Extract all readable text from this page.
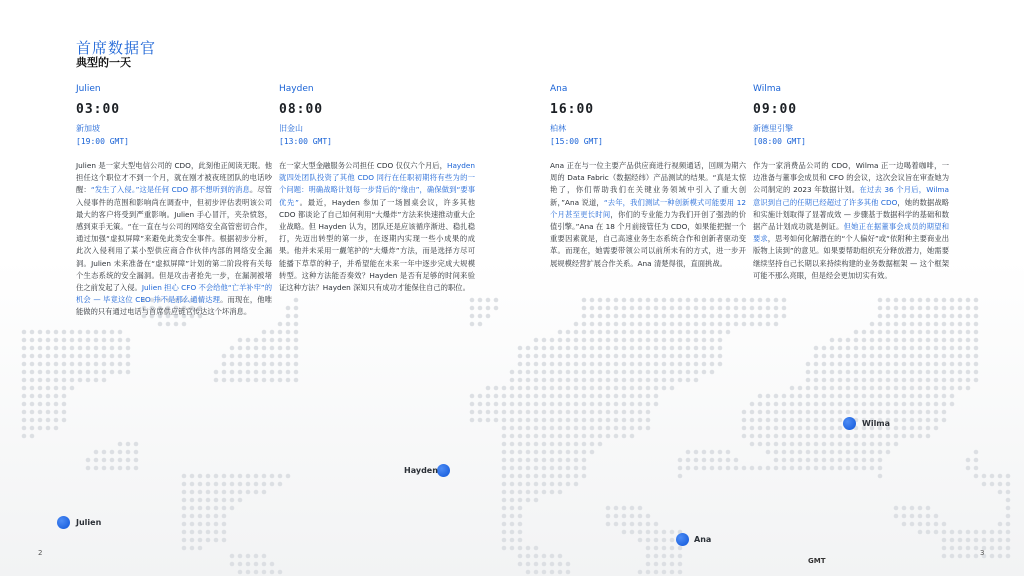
首席数据官
典型的一天
Julien
03:00
新加坡
[19:00 GMT]
Julien 是一家大型电信公司的 CDO，此刻他正阅读无眠。他担任这个职位才不到一个月，就在刚才被夜班团队的电话吵醒：“发生了入侵。”这是任何 CDO 都不想听到的消息。尽管入侵事件的范围和影响尚在调查中，但初步评估表明该公司最大的客户将受到严重影响。Julien 手心冒汗，夹杂愤怒，感到束手无策。“在一直在与公司的网络安全高管密切合作，通过加强“虚拟屏障”来避免此类安全事件。根据初步分析，此次入侵利用了某小型供应商合作伙伴内部的网络安全漏洞。Julien 未来准备在“虚拟屏障”计划的第二阶段将有关每个生态系统的安全漏洞。但是攻击者抢先一步，在漏洞被堵住之前发起了入侵。Julien 担心 CFO 不会给他“亡羊补牢”的机会 — 毕竟这位 CEO 并不是那么通情达理。而现在，他唯能做的只有通过电话与首席供应链官传达这个坏消息。
Hayden
08:00
旧金山
[13:00 GMT]
在一家大型金融服务公司担任 CDO 仅仅六个月后，Hayden 就四处团队投资了其他 CDO 同行在任职初期将有些为的一个问题：明确战略计划每一步背后的“缘由”，确保做到“要事优先”。最近，Hayden 参加了一场圆桌会议，许多其他 CDO 都谈论了自己如何利用“大爆炸”方法来快速推动重大企业战略。但 Hayden 认为，团队还是应该循序渐进、稳扎稳打，先迈出转型的第一步，在逐期内实现一些小成果的成果。他并未采用一觑笔护的“大爆炸”方法，而是选择方尽可能播下草草的种子，并希望能在未来一年中逐步完成大规模转型。这种方法能否奏效？Hayden 是否有足够的时间来验证这种方法？Hayden 深知只有成功才能保住自己的职位。
Ana
16:00
柏林
[15:00 GMT]
Ana 正在与一位主要产品供应商进行视频通话，回顾为期六周的 Data Fabric（数据经纬）产品测试的结果。“真是太惊艳了，你们帮助我们在关键业务领域中引入了重大创新，”Ana 说道，“去年，我们测试一种创新模式可能要用 12 个月甚至更长时间，你们的专业能力为我们开创了强劲的价值引擎。”Ana 在 18 个月前接管任为 CDO，如果能把握一个重要因素就是，自己高速业务生态系统合作和创新者驱动变革。而现在，她需要带领公司以前所未有的方式，进一步开展规模经营扩展合作关系。Ana 清楚得很，直面挑战。
Wilma
09:00
新德里引擎
[08:00 GMT]
作为一家消费品公司的 CDO，Wilma 正一边喝着咖啡，一边准备与董事会成员和 CFO 的会议，这次会议旨在审查她为公司制定的 2023 年数据计划。在过去 36 个月后，Wilma 意识到自己的任期已经超过了许多其他 CDO，她的数据战略和实施计划取得了显著成效 — 步骤基于数据科学的基础和数据产品计划成功就是例证。但她正在据董事会成员的期望和要求，思考如何化解潜在的“个人偏好”或“依附种主要商业出版物上读到”的意见。如果要帮助组织充分释放潜力，她需要继续坚持自己长期以来持续构建的业务数据框架 — 这个框架可能不那么亮眼，但是经会更加切实有效。
Julien
Hayden
Ana
Wilma
2	3
GMT
